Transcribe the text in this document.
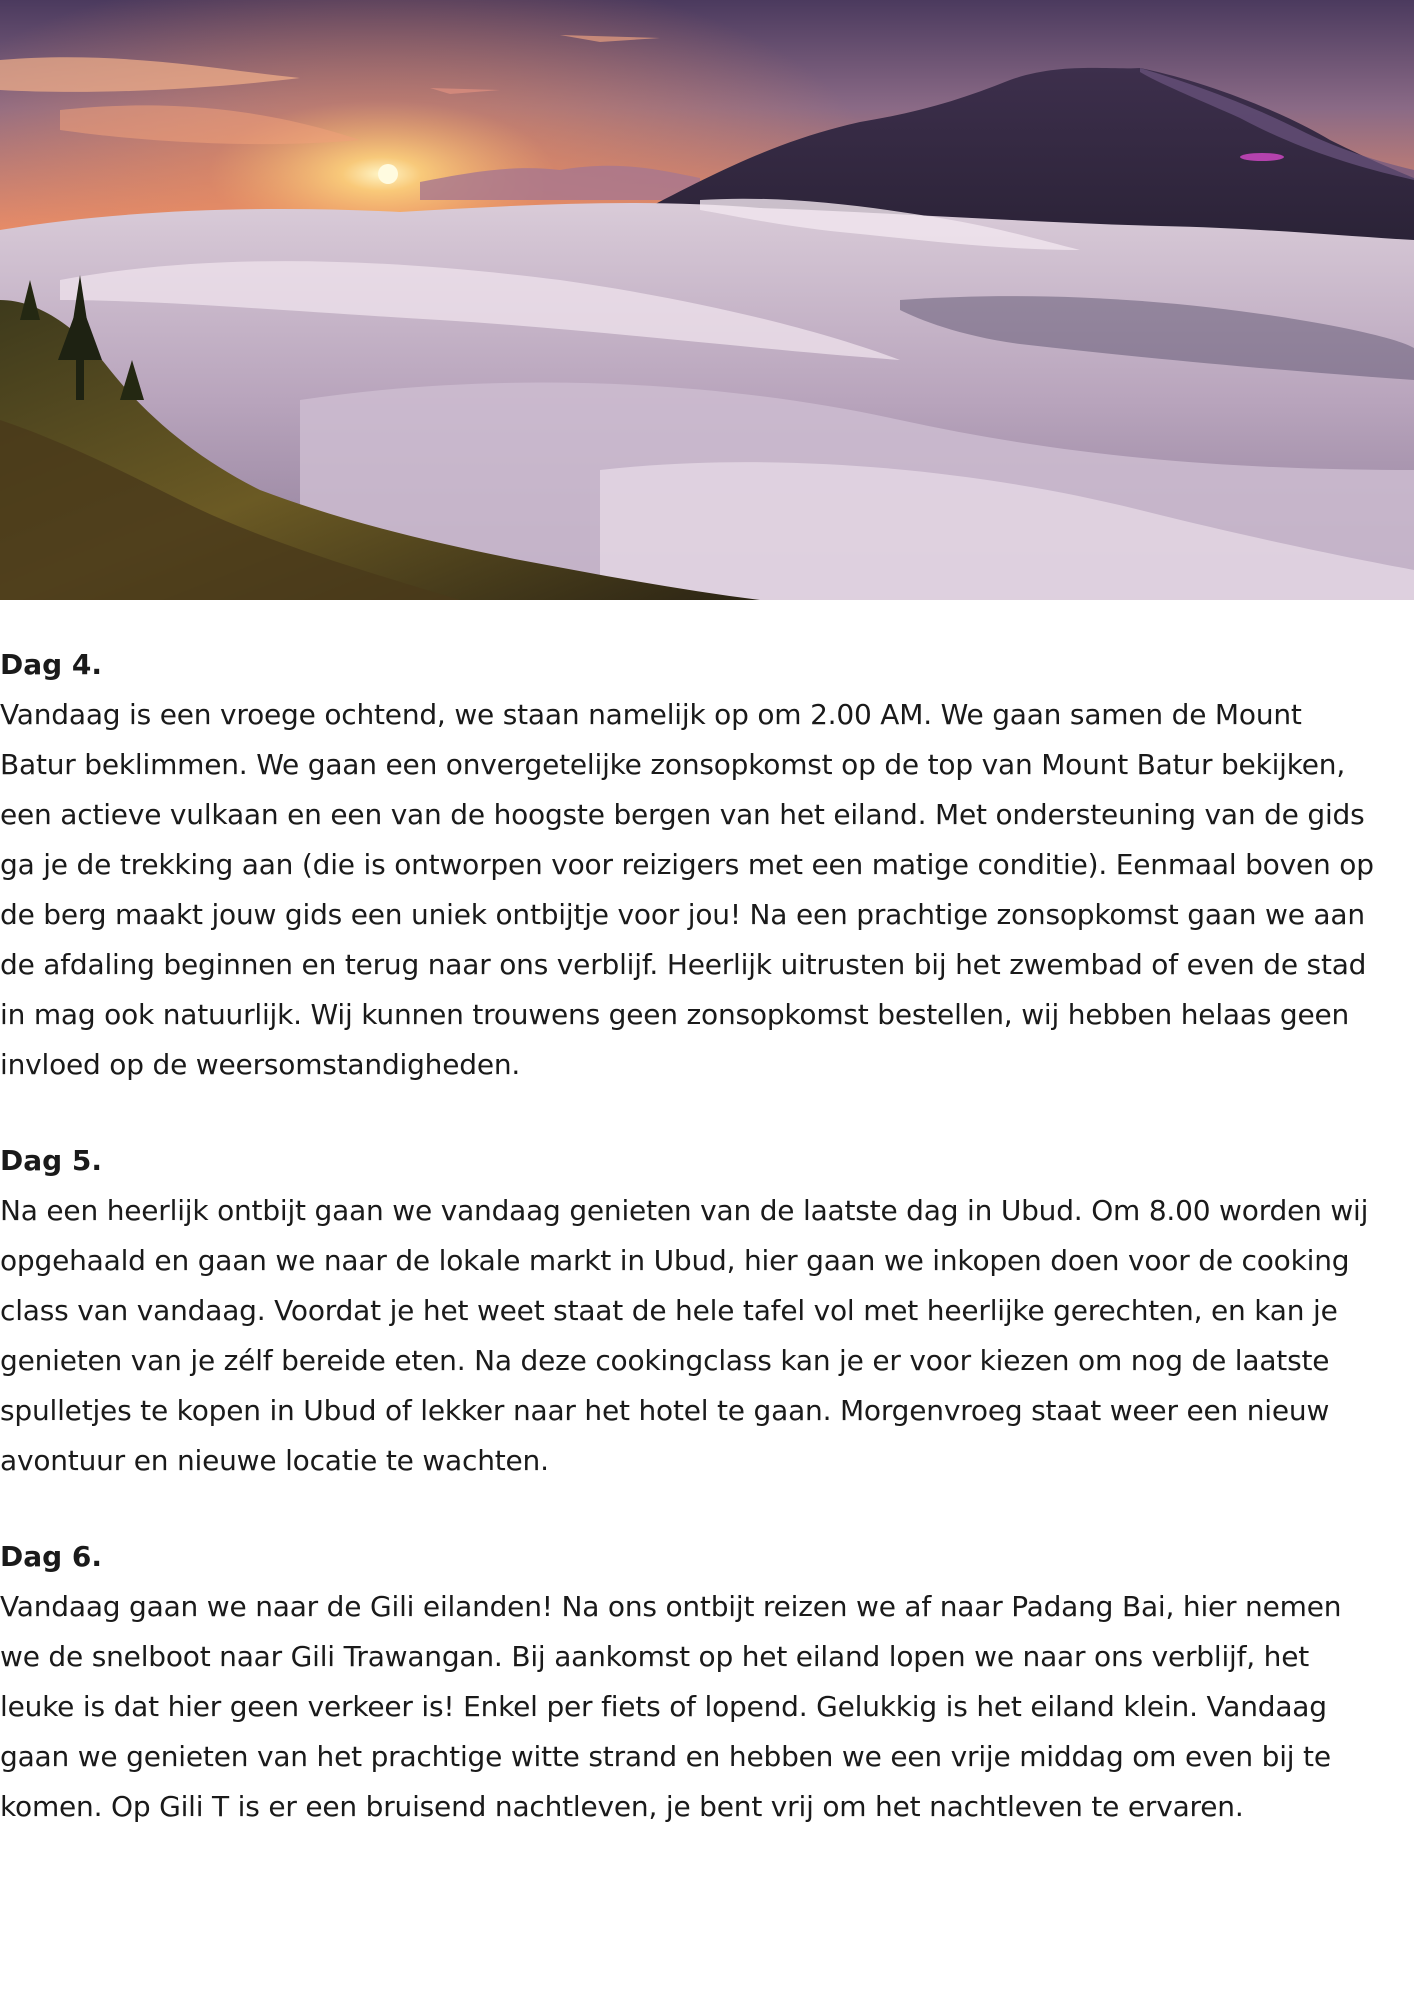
Dag 4.

Vandaag is een vroege ochtend, we staan namelijk op om 2.00 AM. We gaan samen de Mount Batur beklimmen. We gaan een onvergetelijke zonsopkomst op de top van Mount Batur bekijken, een actieve vulkaan en een van de hoogste bergen van het eiland. Met ondersteuning van de gids ga je de trekking aan (die is ontworpen voor reizigers met een matige conditie). Eenmaal boven op de berg maakt jouw gids een uniek ontbijtje voor jou! Na een prachtige zonsopkomst gaan we aan de afdaling beginnen en terug naar ons verblijf. Heerlijk uitrusten bij het zwembad of even de stad in mag ook natuurlijk. Wij kunnen trouwens geen zonsopkomst bestellen, wij hebben helaas geen invloed op de weersomstandigheden.

Dag 5.

Na een heerlijk ontbijt gaan we vandaag genieten van de laatste dag in Ubud. Om 8.00 worden wij opgehaald en gaan we naar de lokale markt in Ubud, hier gaan we inkopen doen voor de cooking class van vandaag. Voordat je het weet staat de hele tafel vol met heerlijke gerechten, en kan je genieten van je zélf bereide eten. Na deze cookingclass kan je er voor kiezen om nog de laatste spulletjes te kopen in Ubud of lekker naar het hotel te gaan. Morgenvroeg staat weer een nieuw avontuur en nieuwe locatie te wachten.

Dag 6.

Vandaag gaan we naar de Gili eilanden! Na ons ontbijt reizen we af naar Padang Bai, hier nemen we de snelboot naar Gili Trawangan. Bij aankomst op het eiland lopen we naar ons verblijf, het leuke is dat hier geen verkeer is! Enkel per fiets of lopend. Gelukkig is het eiland klein. Vandaag gaan we genieten van het prachtige witte strand en hebben we een vrije middag om even bij te komen. Op Gili T is er een bruisend nachtleven, je bent vrij om het nachtleven te ervaren.
